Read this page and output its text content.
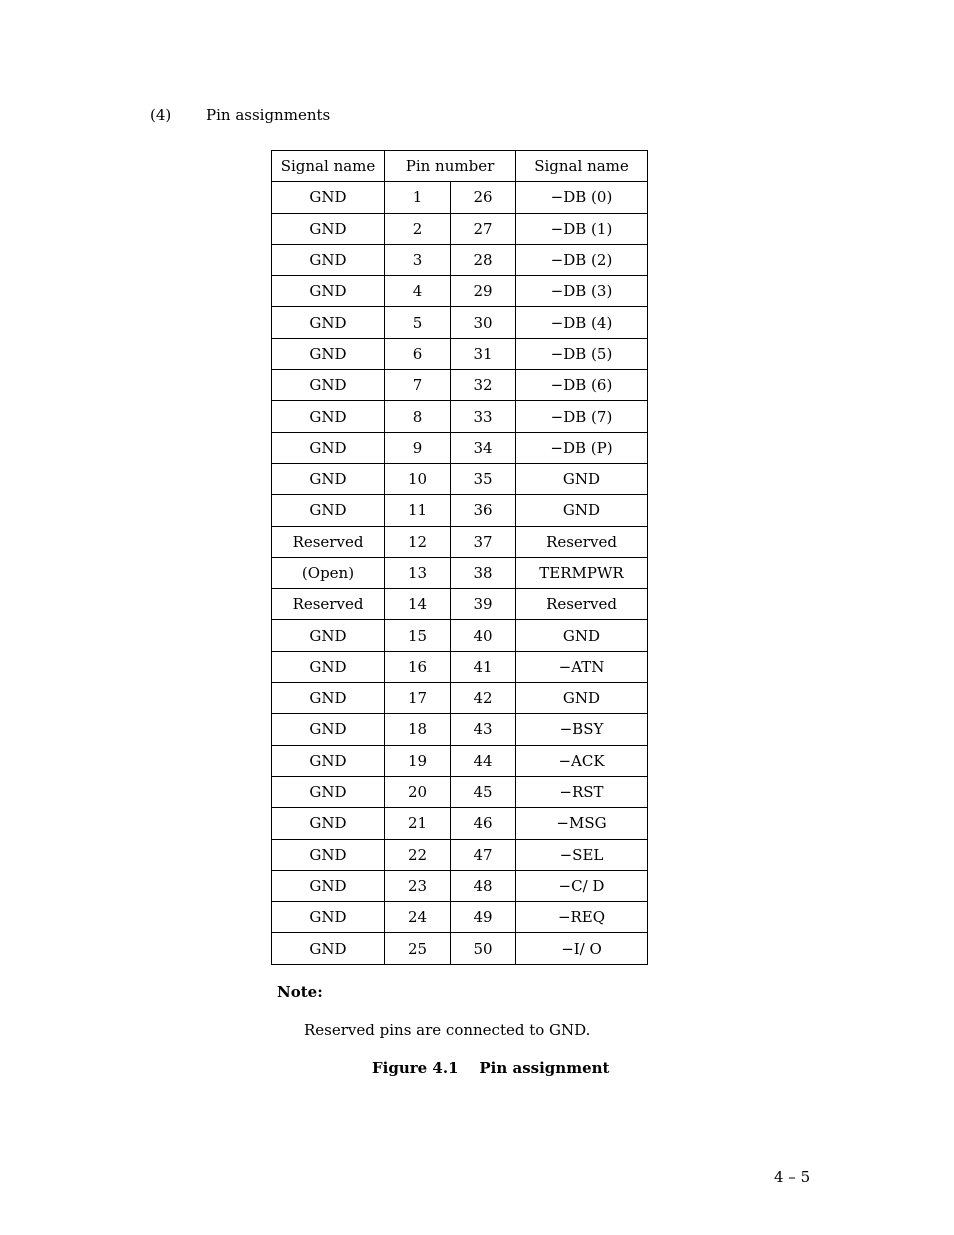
(4) Pin assignments
Signal name	Pin number		Signal name
GND	1	26	−DB (0)
GND	2	27	−DB (1)
GND	3	28	−DB (2)
GND	4	29	−DB (3)
GND	5	30	−DB (4)
GND	6	31	−DB (5)
GND	7	32	−DB (6)
GND	8	33	−DB (7)
GND	9	34	−DB (P)
GND	10	35	GND
GND	11	36	GND
Reserved	12	37	Reserved
(Open)	13	38	TERMPWR
Reserved	14	39	Reserved
GND	15	40	GND
GND	16	41	−ATN
GND	17	42	GND
GND	18	43	−BSY
GND	19	44	−ACK
GND	20	45	−RST
GND	21	46	−MSG
GND	22	47	−SEL
GND	23	48	−C/ D
GND	24	49	−REQ
GND	25	50	−I/ O
Note:
Reserved pins are connected to GND.
Figure 4.1    Pin assignment
4 – 5
